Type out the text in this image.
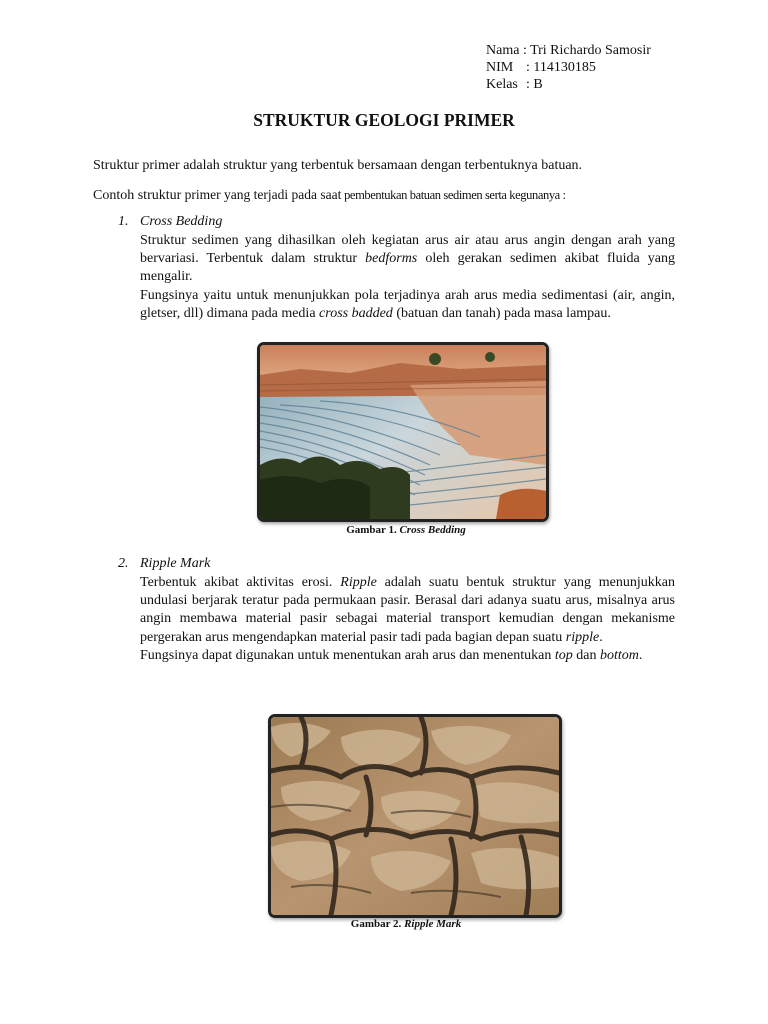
Nama
: Tri Richardo Samosir
NIM : 114130185
Kelas : B
STRUKTUR GEOLOGI PRIMER
Struktur primer adalah struktur yang terbentuk bersamaan dengan terbentuknya batuan.
Contoh struktur primer yang terjadi pada saat pembentukan batuan sedimen serta kegunanya :
1. Cross Bedding

Struktur sedimen yang dihasilkan oleh kegiatan arus air atau arus angin dengan arah yang bervariasi. Terbentuk dalam struktur bedforms oleh gerakan sedimen akibat fluida yang mengalir.

Fungsinya yaitu untuk menunjukkan pola terjadinya arah arus media sedimentasi (air, angin, gletser, dll) dimana pada media cross badded (batuan dan tanah) pada masa lampau.

Gambar 1. Cross Bedding
2. Ripple Mark

Terbentuk akibat aktivitas erosi. Ripple adalah suatu bentuk struktur yang menunjukkan undulasi berjarak teratur pada permukaan pasir. Berasal dari adanya suatu arus, misalnya arus angin membawa material pasir sebagai material transport kemudian dengan mekanisme pergerakan arus mengendapkan material pasir tadi pada bagian depan suatu ripple.

Fungsinya dapat digunakan untuk menentukan arah arus dan menentukan top dan bottom.

Gambar 2. Ripple Mark
